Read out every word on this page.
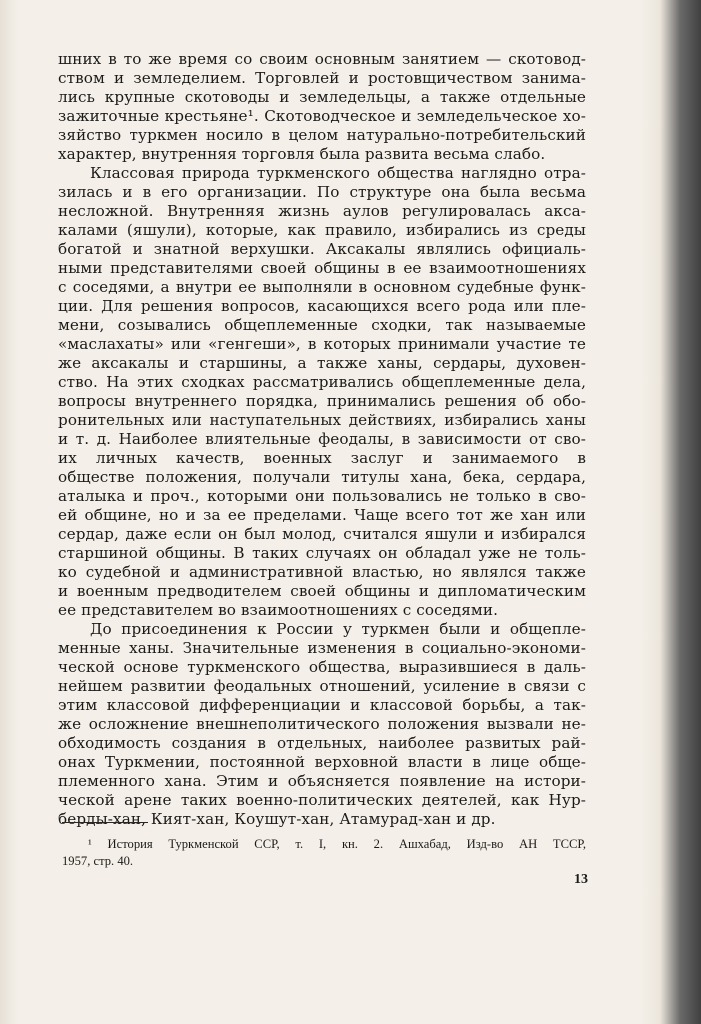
шних в то же время со своим основным занятием — скотовод-
ством и земледелием. Торговлей и ростовщичеством занима-
лись крупные скотоводы и земледельцы, а также отдельные
зажиточные крестьяне¹. Скотоводческое и земледельческое хо-
зяйство туркмен носило в целом натурально-потребительский
характер, внутренняя торговля была развита весьма слабо.
Классовая природа туркменского общества наглядно отра-
зилась и в его организации. По структуре она была весьма
несложной. Внутренняя жизнь аулов регулировалась акса-
калами (яшули), которые, как правило, избирались из среды
богатой и знатной верхушки. Аксакалы являлись официаль-
ными представителями своей общины в ее взаимоотношениях
с соседями, а внутри ее выполняли в основном судебные функ-
ции. Для решения вопросов, касающихся всего рода или пле-
мени, созывались общеплеменные сходки, так называемые
«маслахаты» или «генгеши», в которых принимали участие те
же аксакалы и старшины, а также ханы, сердары, духовен-
ство. На этих сходках рассматривались общеплеменные дела,
вопросы внутреннего порядка, принимались решения об обо-
ронительных или наступательных действиях, избирались ханы
и т. д. Наиболее влиятельные феодалы, в зависимости от сво-
их личных качеств, военных заслуг и занимаемого в
обществе положения, получали титулы хана, бека, сердара,
аталыка и проч., которыми они пользовались не только в сво-
ей общине, но и за ее пределами. Чаще всего тот же хан или
сердар, даже если он был молод, считался яшули и избирался
старшиной общины. В таких случаях он обладал уже не толь-
ко судебной и административной властью, но являлся также
и военным предводителем своей общины и дипломатическим
ее представителем во взаимоотношениях с соседями.
До присоединения к России у туркмен были и общепле-
менные ханы. Значительные изменения в социально-экономи-
ческой основе туркменского общества, выразившиеся в даль-
нейшем развитии феодальных отношений, усиление в связи с
этим классовой дифференциации и классовой борьбы, а так-
же осложнение внешнеполитического положения вызвали не-
обходимость создания в отдельных, наиболее развитых рай-
онах Туркмении, постоянной верховной власти в лице обще-
племенного хана. Этим и объясняется появление на истори-
ческой арене таких военно-политических деятелей, как Нур-
берды-хан, Кият-хан, Коушут-хан, Атамурад-хан и др.
¹ История Туркменской ССР, т. I, кн. 2. Ашхабад, Изд-во АН ТССР,
1957, стр. 40.
13
